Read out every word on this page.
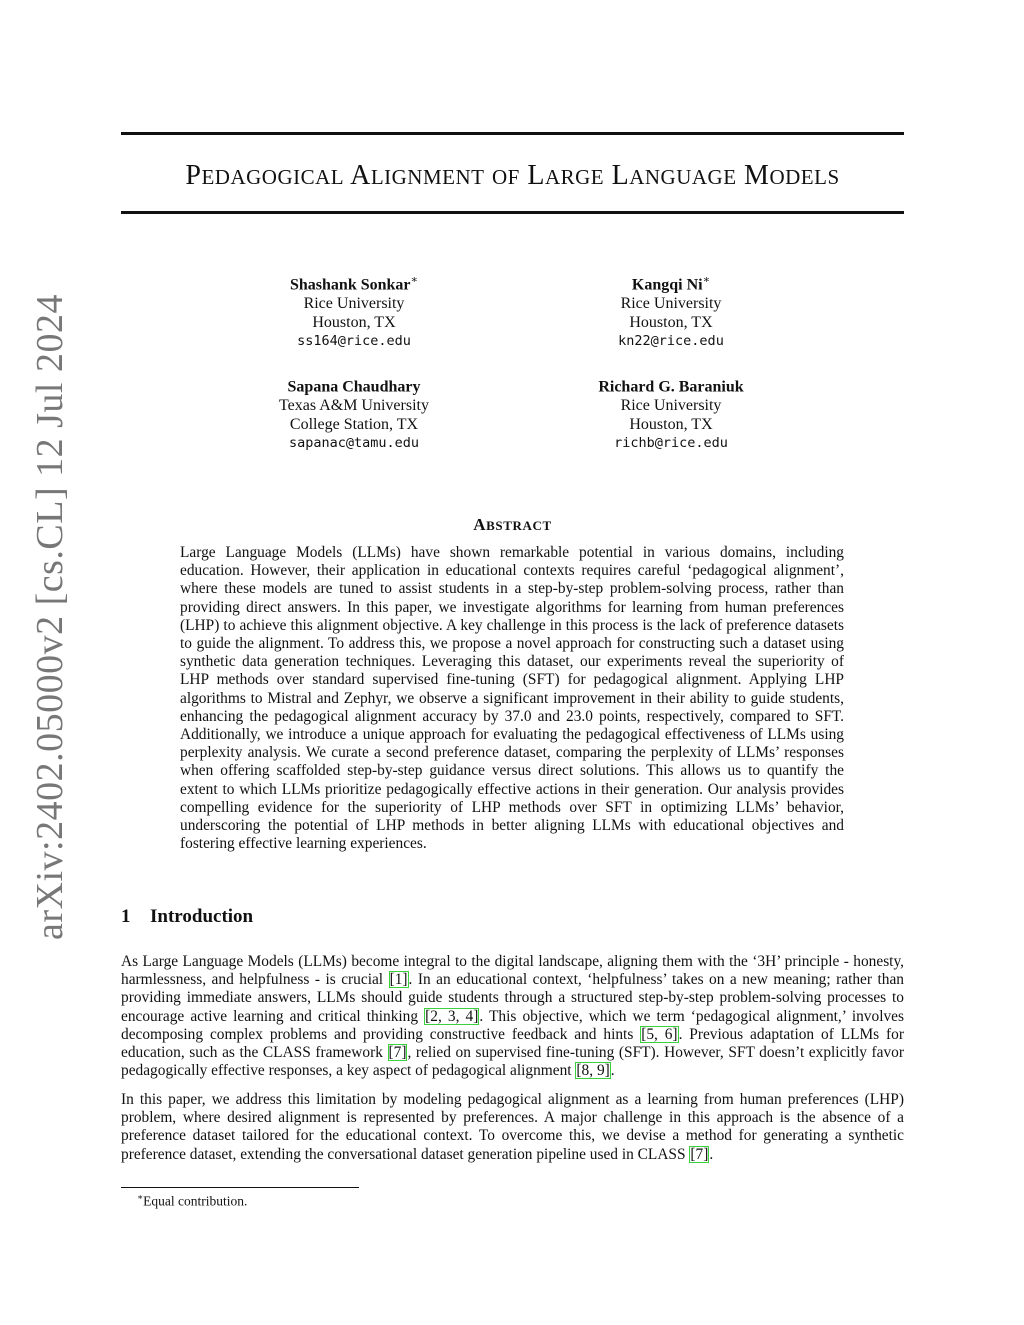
PEDAGOGICAL ALIGNMENT OF LARGE LANGUAGE MODELS
Shashank Sonkar∗
Rice University
Houston, TX
ss164@rice.edu
Kangqi Ni∗
Rice University
Houston, TX
kn22@rice.edu
Sapana Chaudhary
Texas A&M University
College Station, TX
sapanac@tamu.edu
Richard G. Baraniuk
Rice University
Houston, TX
richb@rice.edu
arXiv:2402.05000v2 [cs.CL] 12 Jul 2024	ABSTRACT

Large Language Models (LLMs) have shown remarkable potential in various domains, including education. However, their application in educational contexts requires careful ‘pedagogical alignment’, where these models are tuned to assist students in a step-by-step problem-solving process, rather than providing direct answers. In this paper, we investigate algorithms for learning from human preferences (LHP) to achieve this alignment objective. A key challenge in this process is the lack of preference datasets to guide the alignment. To address this, we propose a novel approach for constructing such a dataset using synthetic data generation techniques. Leveraging this dataset, our experiments reveal the superiority of LHP methods over standard supervised fine-tuning (SFT) for pedagogical alignment. Applying LHP algorithms to Mistral and Zephyr, we observe a significant improvement in their ability to guide students, enhancing the pedagogical alignment accuracy by 37.0 and 23.0 points, respectively, compared to SFT. Additionally, we introduce a unique approach for evaluating the pedagogical effectiveness of LLMs using perplexity analysis. We curate a second preference dataset, comparing the perplexity of LLMs’ responses when offering scaffolded step-by-step guidance versus direct solutions. This allows us to quantify the extent to which LLMs prioritize pedagogically effective actions in their generation. Our analysis provides compelling evidence for the superiority of LHP methods over SFT in optimizing LLMs’ behavior, underscoring the potential of LHP methods in better aligning LLMs with educational objectives and fostering effective learning experiences.

1 Introduction

As Large Language Models (LLMs) become integral to the digital landscape, aligning them with the ‘3H’ principle - honesty, harmlessness, and helpfulness - is crucial [1]. In an educational context, ‘helpfulness’ takes on a new meaning; rather than providing immediate answers, LLMs should guide students through a structured step-by-step problem-solving processes to encourage active learning and critical thinking [2, 3, 4]. This objective, which we term ‘pedagogical alignment,’ involves decomposing complex problems and providing constructive feedback and hints [5, 6]. Previous adaptation of LLMs for education, such as the CLASS framework [7], relied on supervised fine-tuning (SFT). However, SFT doesn’t explicitly favor pedagogically effective responses, a key aspect of pedagogical alignment [8, 9].

In this paper, we address this limitation by modeling pedagogical alignment as a learning from human preferences (LHP) problem, where desired alignment is represented by preferences. A major challenge in this approach is the absence of a preference dataset tailored for the educational context. To overcome this, we devise a method for generating a synthetic preference dataset, extending the conversational dataset generation pipeline used in CLASS [7].

∗Equal contribution.
